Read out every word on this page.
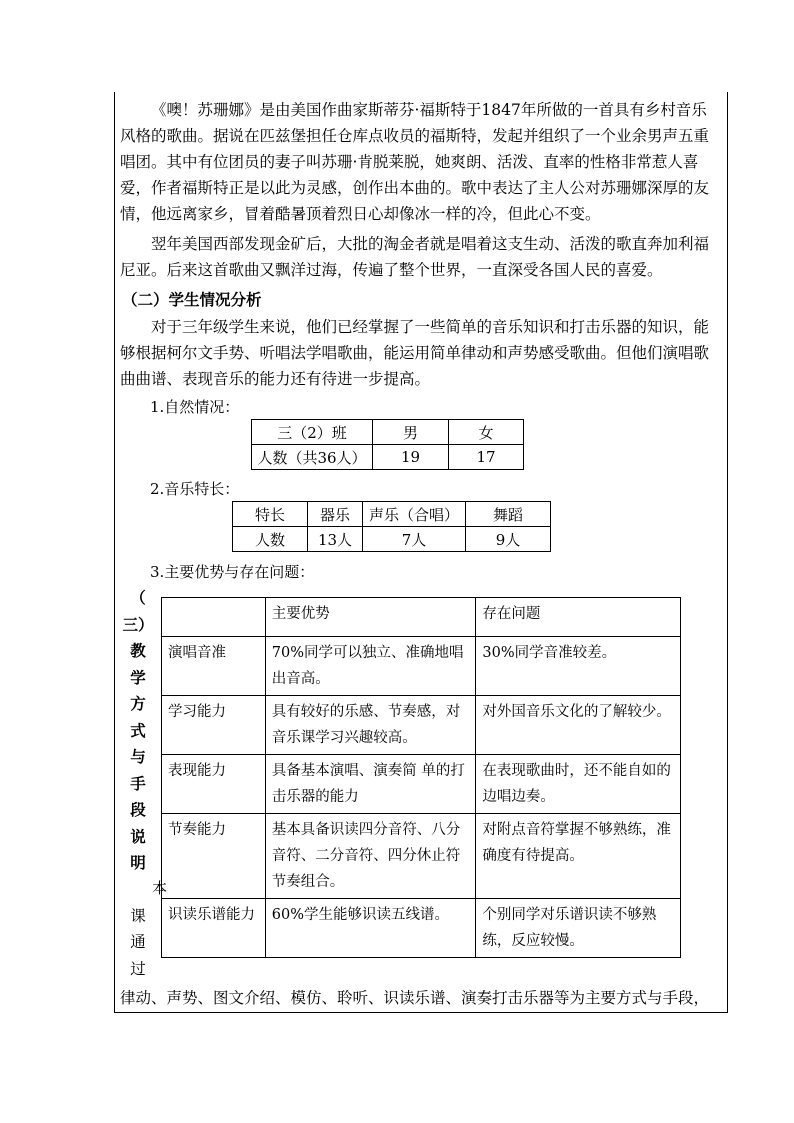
《噢！苏珊娜》是由美国作曲家斯蒂芬·福斯特于1847年所做的一首具有乡村音乐风格的歌曲。据说在匹兹堡担任仓库点收员的福斯特，发起并组织了一个业余男声五重唱团。其中有位团员的妻子叫苏珊·肯脱莱脱，她爽朗、活泼、直率的性格非常惹人喜爱，作者福斯特正是以此为灵感，创作出本曲的。歌中表达了主人公对苏珊娜深厚的友情，他远离家乡，冒着酷暑顶着烈日心却像冰一样的冷，但此心不变。

翌年美国西部发现金矿后，大批的淘金者就是唱着这支生动、活泼的歌直奔加利福尼亚。后来这首歌曲又飘洋过海，传遍了整个世界，一直深受各国人民的喜爱。

（二）学生情况分析

对于三年级学生来说，他们已经掌握了一些简单的音乐知识和打击乐器的知识，能够根据柯尔文手势、听唱法学唱歌曲，能运用简单律动和声势感受歌曲。但他们演唱歌曲曲谱、表现音乐的能力还有待进一步提高。

1.自然情况：

三（2）班	男	女
人数（共36人）	19	17

2.音乐特长：

特长	器乐	声乐（合唱）	舞蹈
人数	13人	7人	9人

3.主要优势与存在问题：

（
三）
教
学
方
式
与
手
段
说
明
课
通
过
	主要优势	存在问题
演唱音准	70%同学可以独立、准确地唱出音高。	30%同学音准较差。
学习能力	具有较好的乐感、节奏感，对音乐课学习兴趣较高。	对外国音乐文化的了解较少。
表现能力	具备基本演唱、演奏简 单的打击乐器的能力	在表现歌曲时，还不能自如的边唱边奏。
节奏能力	基本具备识读四分音符、八分音符、二分音符、四分休止符节奏组合。	对附点音符掌握不够熟练，准确度有待提高。
识读乐谱能力	60%学生能够识读五线谱。	个别同学对乐谱识读不够熟练，反应较慢。
本

律动、声势、图文介绍、模仿、聆听、识读乐谱、演奏打击乐器等为主要方式与手段，
